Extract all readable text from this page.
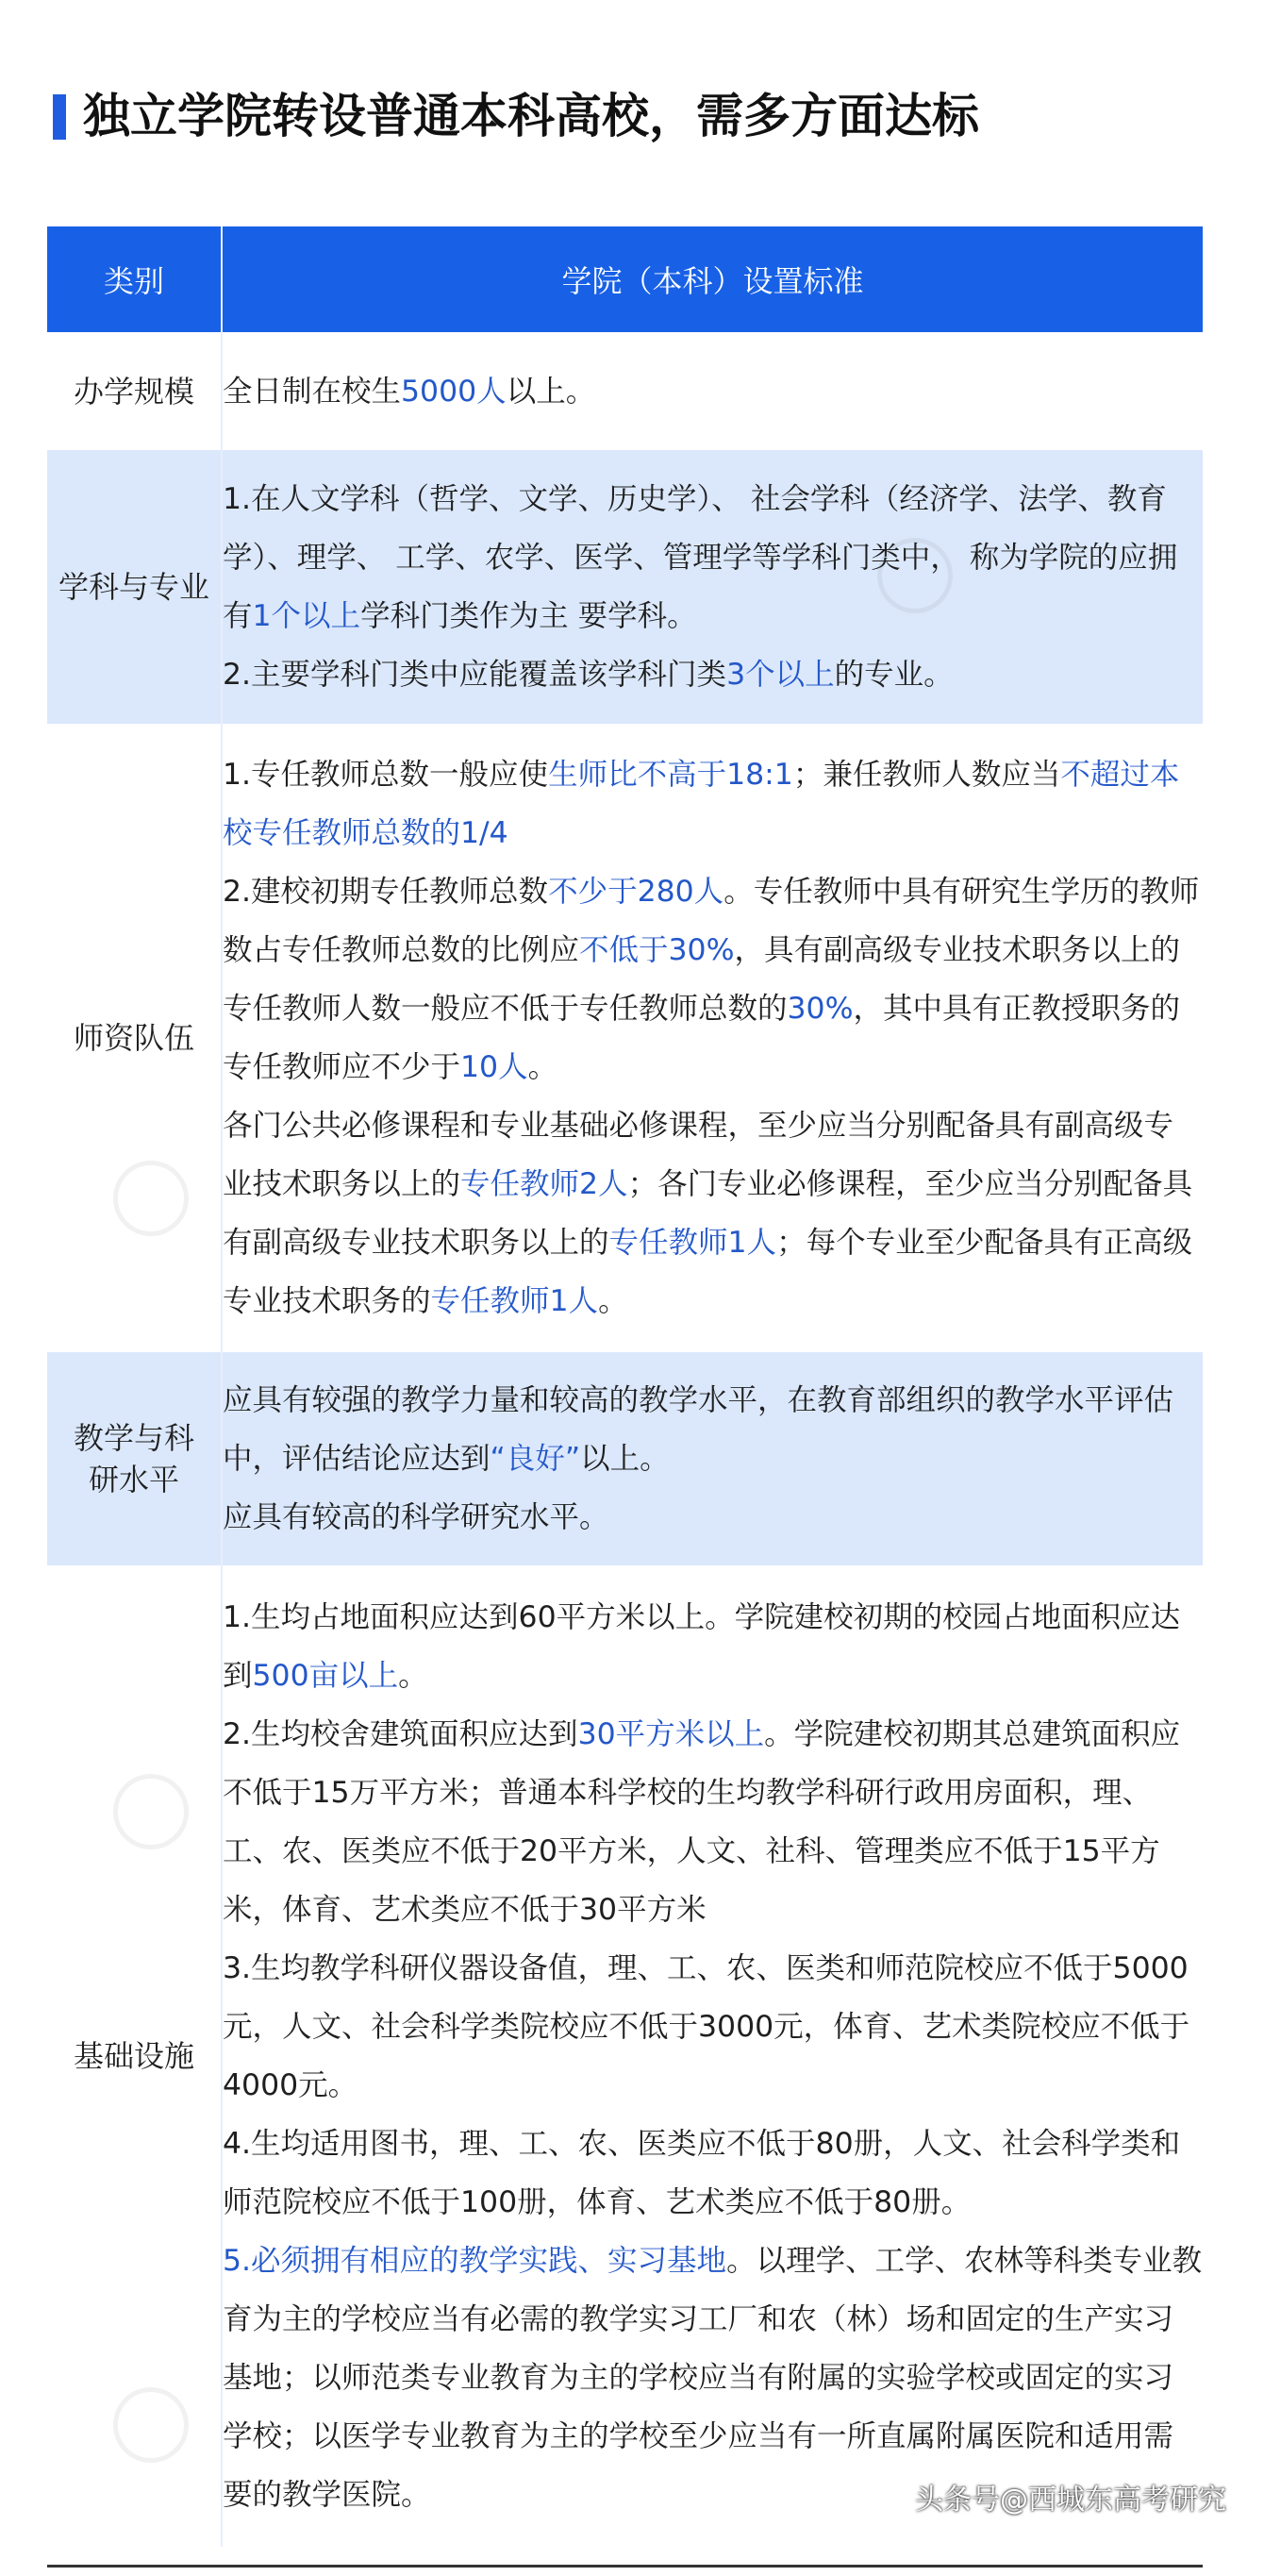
独立学院转设普通本科高校，需多方面达标
类别	学院（本科）设置标准
办学规模	全日制在校生5000人以上。

学科与专业	1.在人文学科（哲学、文学、历史学）、 社会学科（经济学、法学、教育学）、理学、 工学、农学、医学、管理学等学科门类中， 称为学院的应拥有1个以上学科门类作为主 要学科。

2.主要学科门类中应能覆盖该学科门类3个以上的专业。

师资队伍	1.专任教师总数一般应使生师比不高于18:1；兼任教师人数应当不超过本校专任教师总数的1/4

2.建校初期专任教师总数不少于280人。专任教师中具有研究生学历的教师数占专任教师总数的比例应不低于30%，具有副高级专业技术职务以上的专任教师人数一般应不低于专任教师总数的30%，其中具有正教授职务的专任教师应不少于10人。

各门公共必修课程和专业基础必修课程，至少应当分别配备具有副高级专业技术职务以上的专任教师2人；各门专业必修课程，至少应当分别配备具有副高级专业技术职务以上的专任教师1人；每个专业至少配备具有正高级专业技术职务的专任教师1人。

教学与科研水平	应具有较强的教学力量和较高的教学水平，在教育部组织的教学水平评估中，评估结论应达到“良好”以上。

应具有较高的科学研究水平。

基础设施	1.生均占地面积应达到60平方米以上。学院建校初期的校园占地面积应达到500亩以上。

2.生均校舍建筑面积应达到30平方米以上。学院建校初期其总建筑面积应不低于15万平方米；普通本科学校的生均教学科研行政用房面积，理、工、农、医类应不低于20平方米，人文、社科、管理类应不低于15平方米，体育、艺术类应不低于30平方米

3.生均教学科研仪器设备值，理、工、农、医类和师范院校应不低于5000元，人文、社会科学类院校应不低于3000元，体育、艺术类院校应不低于4000元。

4.生均适用图书，理、工、农、医类应不低于80册，人文、社会科学类和师范院校应不低于100册，体育、艺术类应不低于80册。

5.必须拥有相应的教学实践、实习基地。以理学、工学、农林等科类专业教育为主的学校应当有必需的教学实习工厂和农（林）场和固定的生产实习基地；以师范类专业教育为主的学校应当有附属的实验学校或固定的实习学校；以医学专业教育为主的学校至少应当有一所直属附属医院和适用需要的教学医院。	头条号@西城东高考研究
